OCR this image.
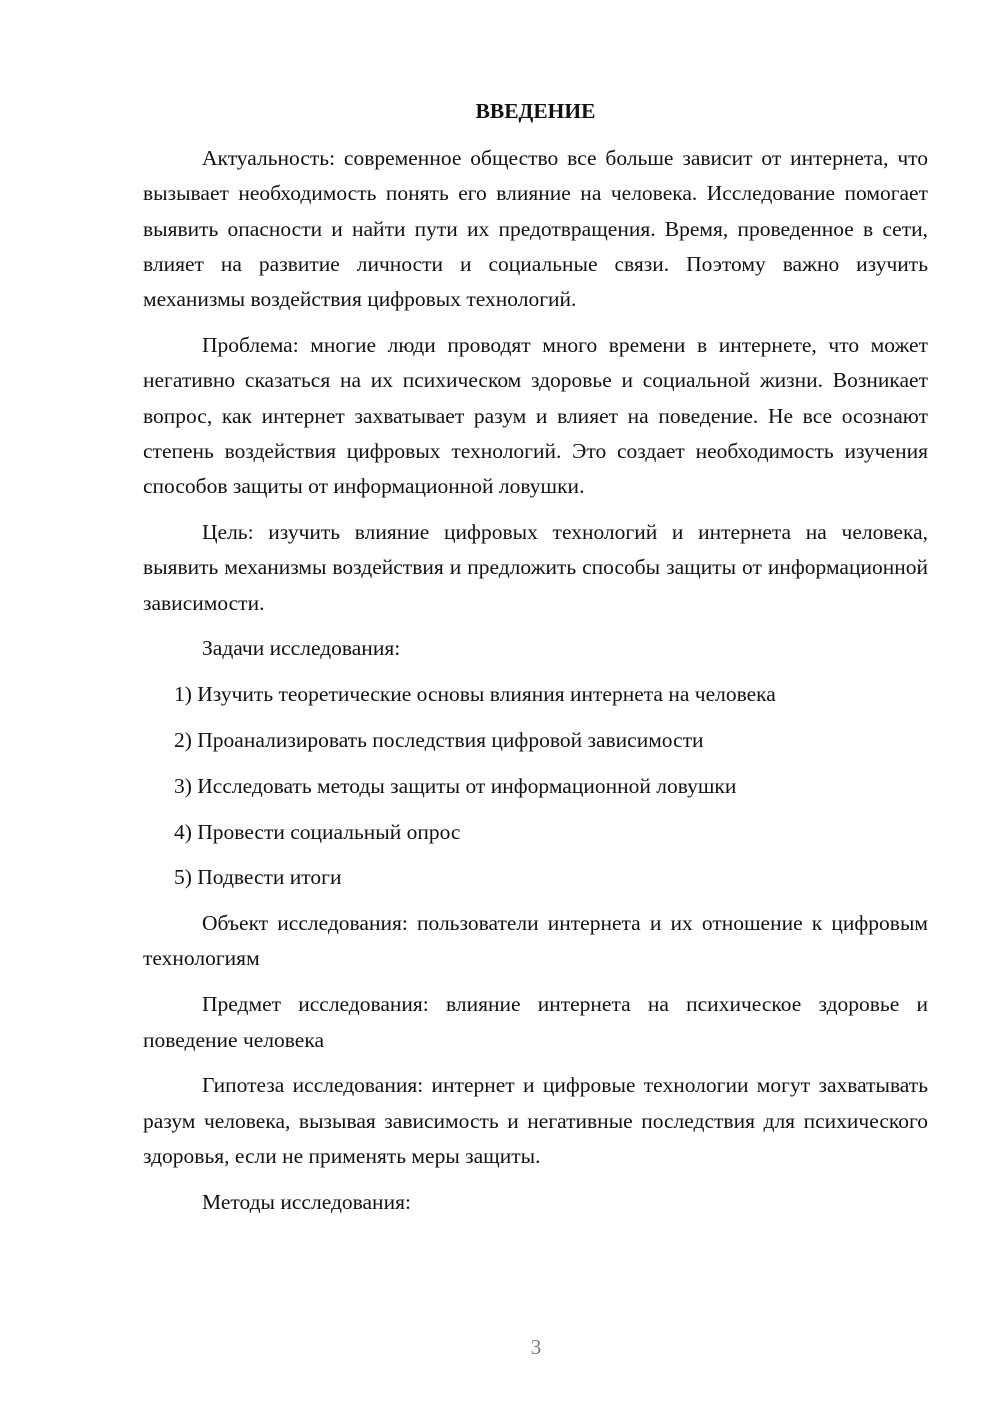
ВВЕДЕНИЕ

Актуальность: современное общество все больше зависит от интернета, что вызывает необходимость понять его влияние на человека. Исследование помогает выявить опасности и найти пути их предотвращения. Время, проведенное в сети, влияет на развитие личности и социальные связи. Поэтому важно изучить механизмы воздействия цифровых технологий.

Проблема: многие люди проводят много времени в интернете, что может негативно сказаться на их психическом здоровье и социальной жизни. Возникает вопрос, как интернет захватывает разум и влияет на поведение. Не все осознают степень воздействия цифровых технологий. Это создает необходимость изучения способов защиты от информационной ловушки.

Цель: изучить влияние цифровых технологий и интернета на человека, выявить механизмы воздействия и предложить способы защиты от информационной зависимости.

Задачи исследования:

1) Изучить теоретические основы влияния интернета на человека

2) Проанализировать последствия цифровой зависимости

3) Исследовать методы защиты от информационной ловушки

4) Провести социальный опрос

5) Подвести итоги

Объект исследования: пользователи интернета и их отношение к цифровым технологиям

Предмет исследования: влияние интернета на психическое здоровье и поведение человека

Гипотеза исследования: интернет и цифровые технологии могут захватывать разум человека, вызывая зависимость и негативные последствия для психического здоровья, если не применять меры защиты.

Методы исследования:

3
